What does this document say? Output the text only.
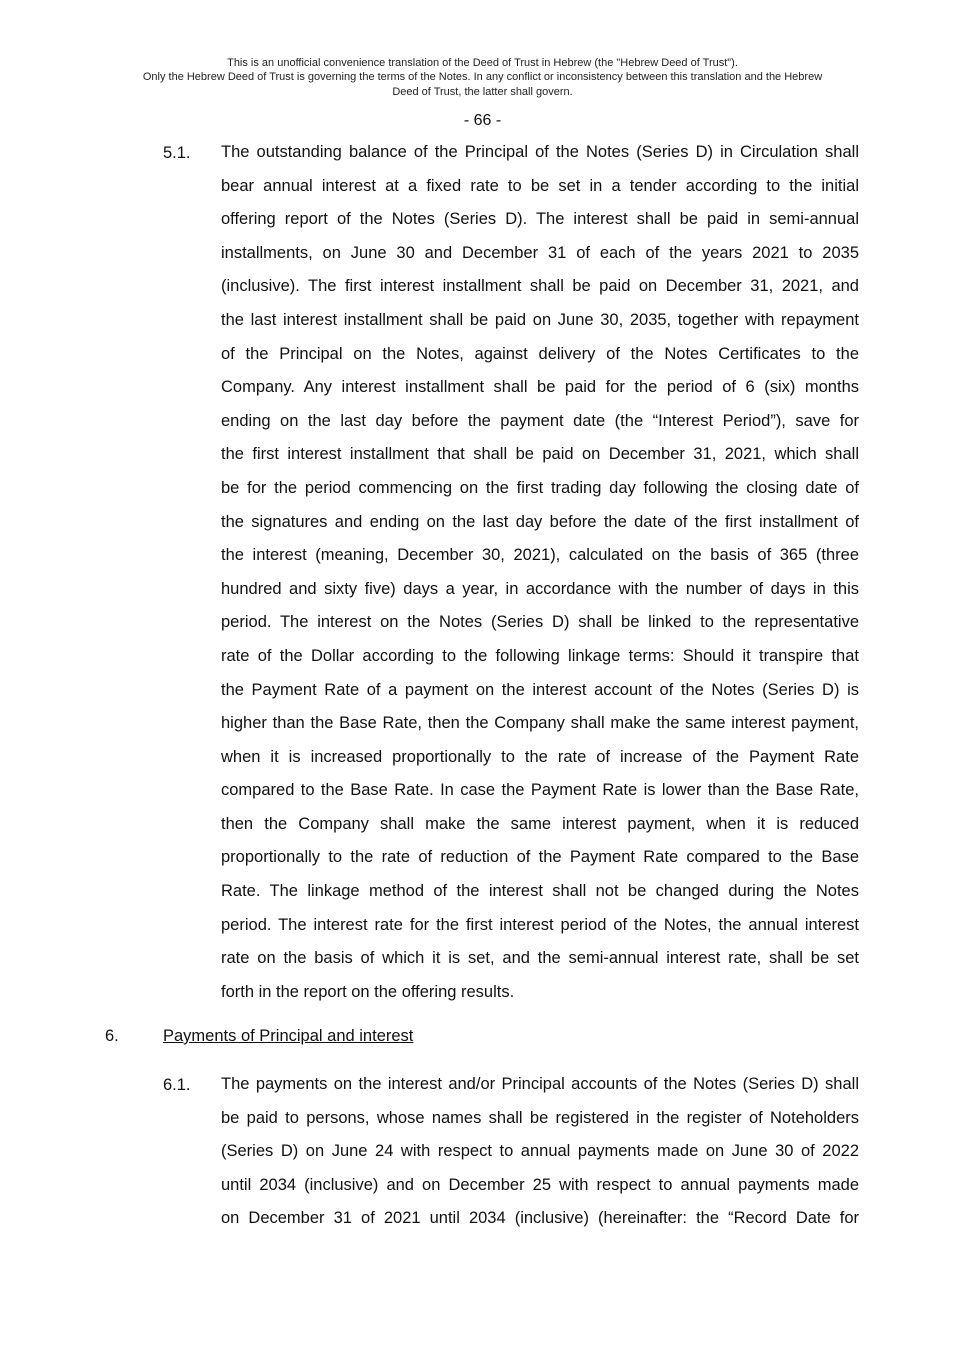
This is an unofficial convenience translation of the Deed of Trust in Hebrew (the "Hebrew Deed of Trust").
Only the Hebrew Deed of Trust is governing the terms of the Notes. In any conflict or inconsistency between this translation and the Hebrew
Deed of Trust, the latter shall govern.
- 66 -
5.1. The outstanding balance of the Principal of the Notes (Series D) in Circulation shall
bear annual interest at a fixed rate to be set in a tender according to the initial
offering report of the Notes (Series D). The interest shall be paid in semi-annual
installments, on June 30 and December 31 of each of the years 2021 to 2035
(inclusive). The first interest installment shall be paid on December 31, 2021, and
the last interest installment shall be paid on June 30, 2035, together with repayment
of the Principal on the Notes, against delivery of the Notes Certificates to the
Company. Any interest installment shall be paid for the period of 6 (six) months
ending on the last day before the payment date (the “Interest Period”), save for
the first interest installment that shall be paid on December 31, 2021, which shall
be for the period commencing on the first trading day following the closing date of
the signatures and ending on the last day before the date of the first installment of
the interest (meaning, December 30, 2021), calculated on the basis of 365 (three
hundred and sixty five) days a year, in accordance with the number of days in this
period. The interest on the Notes (Series D) shall be linked to the representative
rate of the Dollar according to the following linkage terms: Should it transpire that
the Payment Rate of a payment on the interest account of the Notes (Series D) is
higher than the Base Rate, then the Company shall make the same interest payment,
when it is increased proportionally to the rate of increase of the Payment Rate
compared to the Base Rate. In case the Payment Rate is lower than the Base Rate,
then the Company shall make the same interest payment, when it is reduced
proportionally to the rate of reduction of the Payment Rate compared to the Base
Rate. The linkage method of the interest shall not be changed during the Notes
period. The interest rate for the first interest period of the Notes, the annual interest
rate on the basis of which it is set, and the semi-annual interest rate, shall be set
forth in the report on the offering results.
6.	Payments of Principal and interest
6.1. The payments on the interest and/or Principal accounts of the Notes (Series D) shall
be paid to persons, whose names shall be registered in the register of Noteholders
(Series D) on June 24 with respect to annual payments made on June 30 of 2022
until 2034 (inclusive) and on December 25 with respect to annual payments made
on December 31 of 2021 until 2034 (inclusive) (hereinafter: the “Record Date for
